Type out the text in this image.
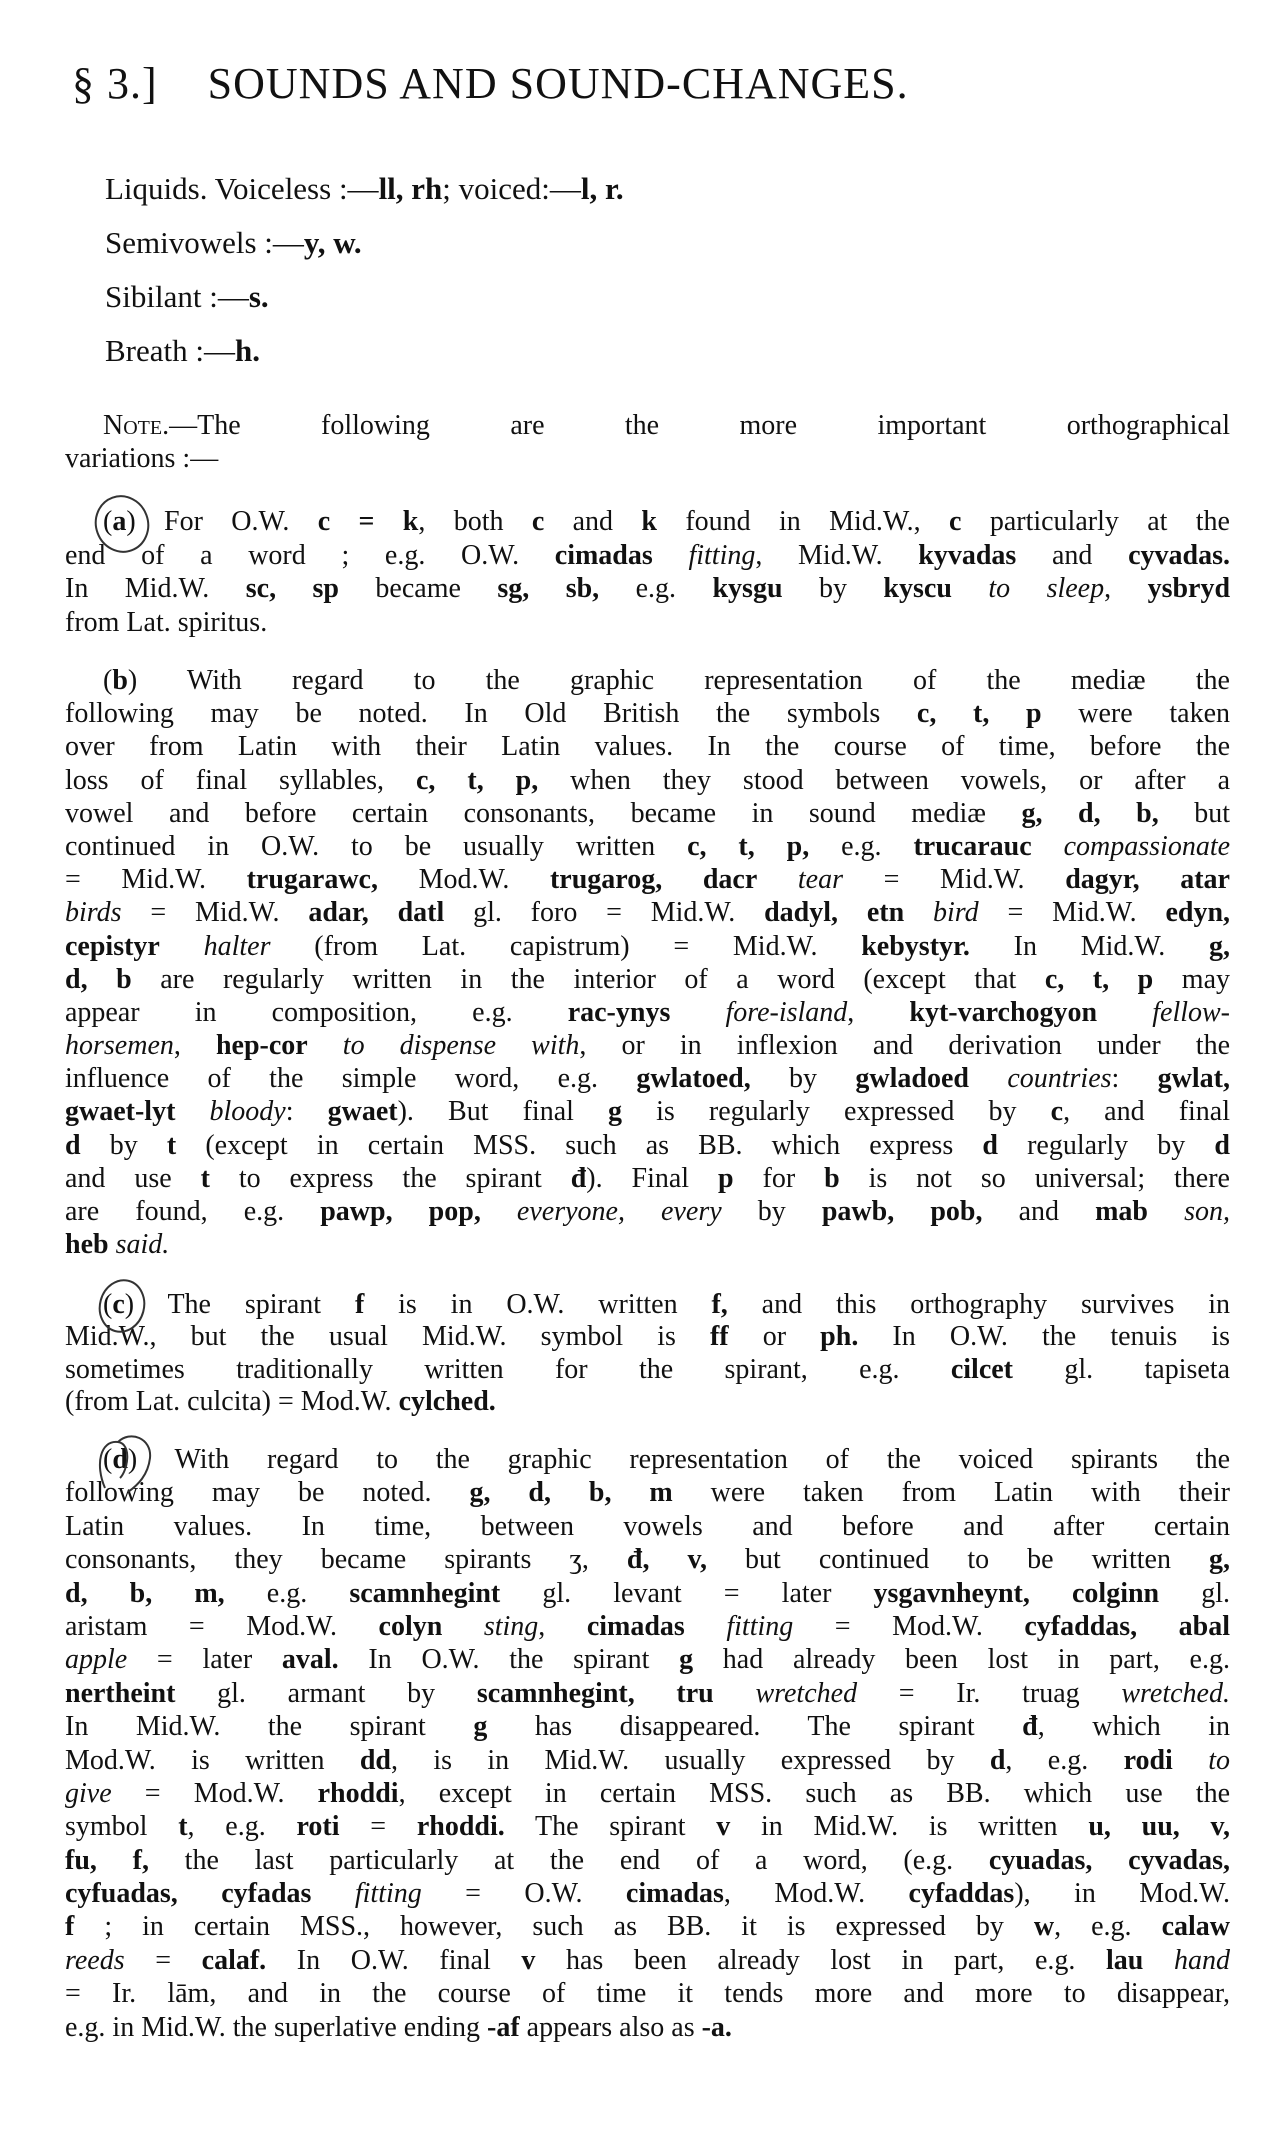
§ 3.] SOUNDS AND SOUND-CHANGES.
Liquids. Voiceless :—ll, rh; voiced:—l, r.
Semivowels :—y, w.
Sibilant :—s.
Breath :—h.
Note.—The following are the more important orthographical
variations :—
(a) For O.W. c = k, both c and k found in Mid.W., c particularly at the
end of a word ; e.g. O.W. cimadas fitting, Mid.W. kyvadas and cyvadas.
In Mid.W. sc, sp became sg, sb, e.g. kysgu by kyscu to sleep, ysbryd
from Lat. spiritus.
(b) With regard to the graphic representation of the mediæ the
following may be noted. In Old British the symbols c, t, p were taken
over from Latin with their Latin values. In the course of time, before the
loss of final syllables, c, t, p, when they stood between vowels, or after a
vowel and before certain consonants, became in sound mediæ g, d, b, but
continued in O.W. to be usually written c, t, p, e.g. trucarauc compassionate
= Mid.W. trugarawc, Mod.W. trugarog, dacr tear = Mid.W. dagyr, atar
birds = Mid.W. adar, datl gl. foro = Mid.W. dadyl, etn bird = Mid.W. edyn,
cepistyr halter (from Lat. capistrum) = Mid.W. kebystyr. In Mid.W. g,
d, b are regularly written in the interior of a word (except that c, t, p may
appear in composition, e.g. rac-ynys fore-island, kyt-varchogyon fellow-
horsemen, hep-cor to dispense with, or in inflexion and derivation under the
influence of the simple word, e.g. gwlatoed, by gwladoed countries: gwlat,
gwaet-lyt bloody: gwaet). But final g is regularly expressed by c, and final
d by t (except in certain MSS. such as BB. which express d regularly by d
and use t to express the spirant đ). Final p for b is not so universal; there
are found, e.g. pawp, pop, everyone, every by pawb, pob, and mab son,
heb said.
(c) The spirant f is in O.W. written f, and this orthography survives in
Mid.W., but the usual Mid.W. symbol is ff or ph. In O.W. the tenuis is
sometimes traditionally written for the spirant, e.g. cilcet gl. tapiseta
(from Lat. culcita) = Mod.W. cylched.
(d) With regard to the graphic representation of the voiced spirants the
following may be noted. g, d, b, m were taken from Latin with their
Latin values. In time, between vowels and before and after certain
consonants, they became spirants ʒ, đ, v, but continued to be written g,
d, b, m, e.g. scamnhegint gl. levant = later ysgavnheynt, colginn gl.
aristam = Mod.W. colyn sting, cimadas fitting = Mod.W. cyfaddas, abal
apple = later aval. In O.W. the spirant g had already been lost in part, e.g.
nertheint gl. armant by scamnhegint, tru wretched = Ir. truag wretched.
In Mid.W. the spirant g has disappeared. The spirant đ, which in
Mod.W. is written dd, is in Mid.W. usually expressed by d, e.g. rodi to
give = Mod.W. rhoddi, except in certain MSS. such as BB. which use the
symbol t, e.g. roti = rhoddi. The spirant v in Mid.W. is written u, uu, v,
fu, f, the last particularly at the end of a word, (e.g. cyuadas, cyvadas,
cyfuadas, cyfadas fitting = O.W. cimadas, Mod.W. cyfaddas), in Mod.W.
f ; in certain MSS., however, such as BB. it is expressed by w, e.g. calaw
reeds = calaf. In O.W. final v has been already lost in part, e.g. lau hand
= Ir. lām, and in the course of time it tends more and more to disappear,
e.g. in Mid.W. the superlative ending -af appears also as -a.
